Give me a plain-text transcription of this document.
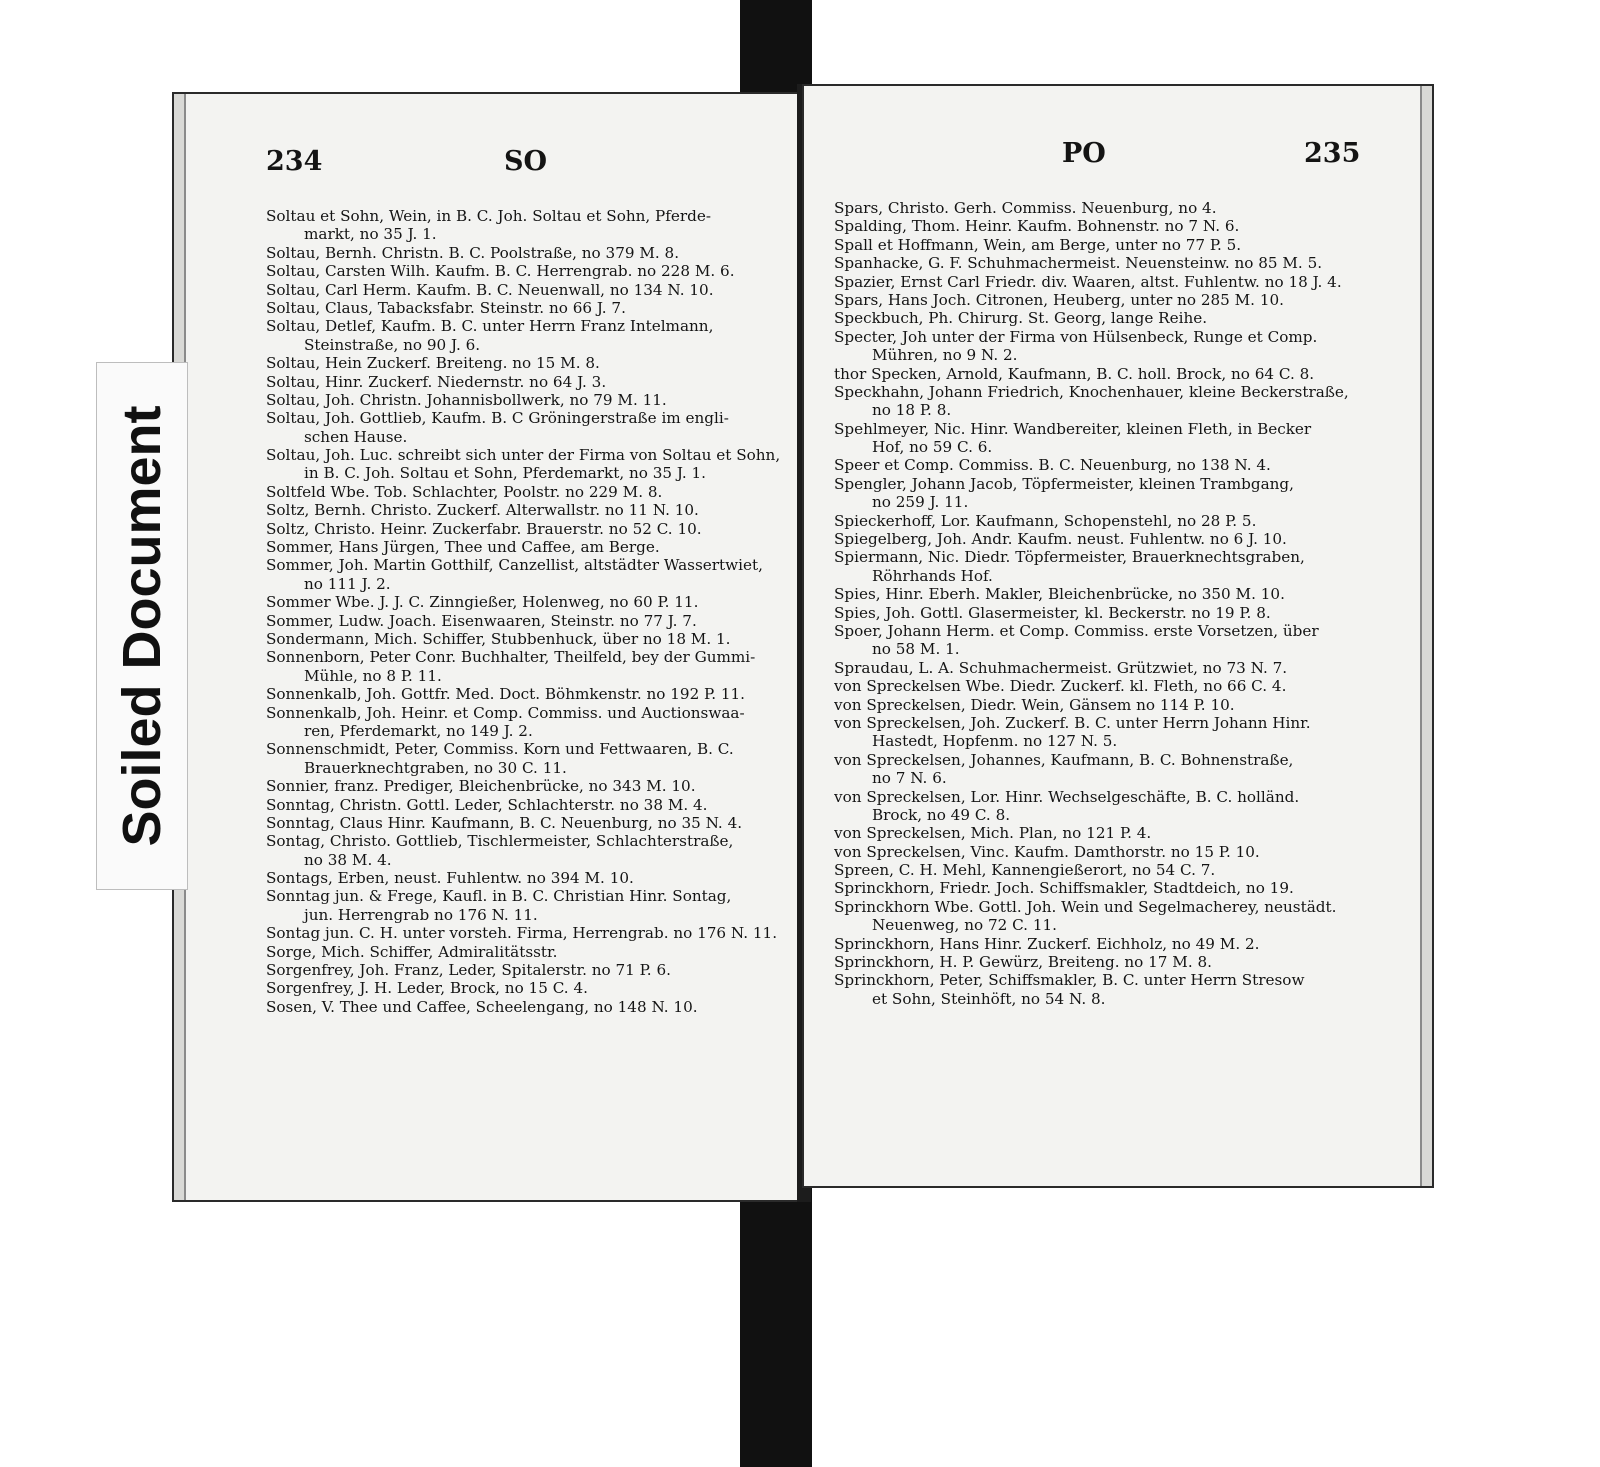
234	SO
Soltau et Sohn, Wein, in B. C. Joh. Soltau et Sohn, Pferde-
markt, no 35 J. 1.
Soltau, Bernh. Christn. B. C. Poolstraße, no 379 M. 8.
Soltau, Carsten Wilh. Kaufm. B. C. Herrengrab. no 228 M. 6.
Soltau, Carl Herm. Kaufm. B. C. Neuenwall, no 134 N. 10.
Soltau, Claus, Tabacksfabr. Steinstr. no 66 J. 7.
Soltau, Detlef, Kaufm. B. C. unter Herrn Franz Intelmann,
Steinstraße, no 90 J. 6.
Soltau, Hein Zuckerf. Breiteng. no 15 M. 8.
Soltau, Hinr. Zuckerf. Niedernstr. no 64 J. 3.
Soltau, Joh. Christn. Johannisbollwerk, no 79 M. 11.
Soltau, Joh. Gottlieb, Kaufm. B. C Gröningerstraße im engli-
schen Hause.
Soltau, Joh. Luc. schreibt sich unter der Firma von Soltau et Sohn,
in B. C. Joh. Soltau et Sohn, Pferdemarkt, no 35 J. 1.
Soltfeld Wbe. Tob. Schlachter, Poolstr. no 229 M. 8.
Soltz, Bernh. Christo. Zuckerf. Alterwallstr. no 11 N. 10.
Soltz, Christo. Heinr. Zuckerfabr. Brauerstr. no 52 C. 10.
Sommer, Hans Jürgen, Thee und Caffee, am Berge.
Sommer, Joh. Martin Gotthilf, Canzellist, altstädter Wassertwiet,
no 111 J. 2.
Sommer Wbe. J. J. C. Zinngießer, Holenweg, no 60 P. 11.
Sommer, Ludw. Joach. Eisenwaaren, Steinstr. no 77 J. 7.
Sondermann, Mich. Schiffer, Stubbenhuck, über no 18 M. 1.
Sonnenborn, Peter Conr. Buchhalter, Theilfeld, bey der Gummi-
Mühle, no 8 P. 11.
Sonnenkalb, Joh. Gottfr. Med. Doct. Böhmkenstr. no 192 P. 11.
Sonnenkalb, Joh. Heinr. et Comp. Commiss. und Auctionswaa-
ren, Pferdemarkt, no 149 J. 2.
Sonnenschmidt, Peter, Commiss. Korn und Fettwaaren, B. C.
Brauerknechtgraben, no 30 C. 11.
Sonnier, franz. Prediger, Bleichenbrücke, no 343 M. 10.
Sonntag, Christn. Gottl. Leder, Schlachterstr. no 38 M. 4.
Sonntag, Claus Hinr. Kaufmann, B. C. Neuenburg, no 35 N. 4.
Sontag, Christo. Gottlieb, Tischlermeister, Schlachterstraße,
no 38 M. 4.
Sontags, Erben, neust. Fuhlentw. no 394 M. 10.
Sonntag jun. & Frege, Kaufl. in B. C. Christian Hinr. Sontag,
jun. Herrengrab no 176 N. 11.
Sontag jun. C. H. unter vorsteh. Firma, Herrengrab. no 176 N. 11.
Sorge, Mich. Schiffer, Admiralitätsstr.
Sorgenfrey, Joh. Franz, Leder, Spitalerstr. no 71 P. 6.
Sorgenfrey, J. H. Leder, Brock, no 15 C. 4.
Sosen, V. Thee und Caffee, Scheelengang, no 148 N. 10.
PO	235
Spars, Christo. Gerh. Commiss. Neuenburg, no 4.
Spalding, Thom. Heinr. Kaufm. Bohnenstr. no 7 N. 6.
Spall et Hoffmann, Wein, am Berge, unter no 77 P. 5.
Spanhacke, G. F. Schuhmachermeist. Neuensteinw. no 85 M. 5.
Spazier, Ernst Carl Friedr. div. Waaren, altst. Fuhlentw. no 18 J. 4.
Spars, Hans Joch. Citronen, Heuberg, unter no 285 M. 10.
Speckbuch, Ph. Chirurg. St. Georg, lange Reihe.
Specter, Joh unter der Firma von Hülsenbeck, Runge et Comp.
Mühren, no 9 N. 2.
thor Specken, Arnold, Kaufmann, B. C. holl. Brock, no 64 C. 8.
Speckhahn, Johann Friedrich, Knochenhauer, kleine Beckerstraße,
no 18 P. 8.
Spehlmeyer, Nic. Hinr. Wandbereiter, kleinen Fleth, in Becker
Hof, no 59 C. 6.
Speer et Comp. Commiss. B. C. Neuenburg, no 138 N. 4.
Spengler, Johann Jacob, Töpfermeister, kleinen Trambgang,
no 259 J. 11.
Spieckerhoff, Lor. Kaufmann, Schopenstehl, no 28 P. 5.
Spiegelberg, Joh. Andr. Kaufm. neust. Fuhlentw. no 6 J. 10.
Spiermann, Nic. Diedr. Töpfermeister, Brauerknechtsgraben,
Röhrhands Hof.
Spies, Hinr. Eberh. Makler, Bleichenbrücke, no 350 M. 10.
Spies, Joh. Gottl. Glasermeister, kl. Beckerstr. no 19 P. 8.
Spoer, Johann Herm. et Comp. Commiss. erste Vorsetzen, über
no 58 M. 1.
Spraudau, L. A. Schuhmachermeist. Grützwiet, no 73 N. 7.
von Spreckelsen Wbe. Diedr. Zuckerf. kl. Fleth, no 66 C. 4.
von Spreckelsen, Diedr. Wein, Gänsem no 114 P. 10.
von Spreckelsen, Joh. Zuckerf. B. C. unter Herrn Johann Hinr.
Hastedt, Hopfenm. no 127 N. 5.
von Spreckelsen, Johannes, Kaufmann, B. C. Bohnenstraße,
no 7 N. 6.
von Spreckelsen, Lor. Hinr. Wechselgeschäfte, B. C. holländ.
Brock, no 49 C. 8.
von Spreckelsen, Mich. Plan, no 121 P. 4.
von Spreckelsen, Vinc. Kaufm. Damthorstr. no 15 P. 10.
Spreen, C. H. Mehl, Kannengießerort, no 54 C. 7.
Sprinckhorn, Friedr. Joch. Schiffsmakler, Stadtdeich, no 19.
Sprinckhorn Wbe. Gottl. Joh. Wein und Segelmacherey, neustädt.
Neuenweg, no 72 C. 11.
Sprinckhorn, Hans Hinr. Zuckerf. Eichholz, no 49 M. 2.
Sprinckhorn, H. P. Gewürz, Breiteng. no 17 M. 8.
Sprinckhorn, Peter, Schiffsmakler, B. C. unter Herrn Stresow
et Sohn, Steinhöft, no 54 N. 8.
Soiled Document
